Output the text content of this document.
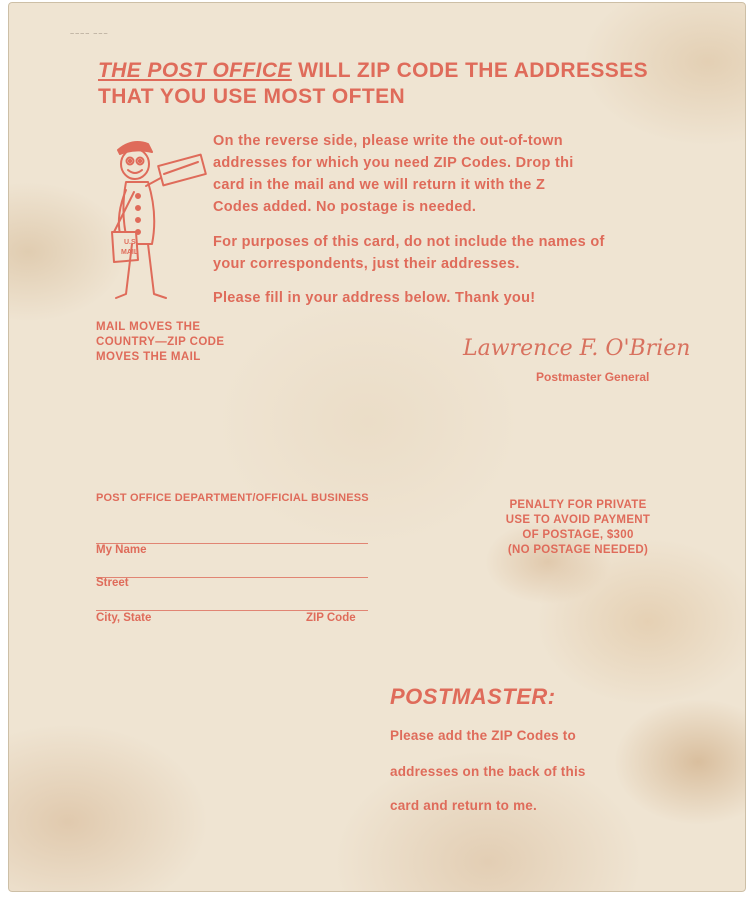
~~~~ ~~~
THE POST OFFICE WILL ZIP CODE THE ADDRESSES
THAT YOU USE MOST OFTEN
U.S.
MAIL
On the reverse side, please write the out-of-town
addresses for which you need ZIP Codes. Drop thi
card in the mail and we will return it with the Z
Codes added. No postage is needed.
For purposes of this card, do not include the names of
your correspondents, just their addresses.
Please fill in your address below. Thank you!
MAIL MOVES THE
COUNTRY—ZIP CODE
MOVES THE MAIL	Lawrence F. O'Brien
Postmaster General
POST OFFICE DEPARTMENT/OFFICIAL BUSINESS
My Name
Street
City, State	ZIP Code
PENALTY FOR PRIVATE
USE TO AVOID PAYMENT
OF POSTAGE, $300
(NO POSTAGE NEEDED)
POSTMASTER:
Please add the ZIP Codes to
addresses on the back of this
card and return to me.
